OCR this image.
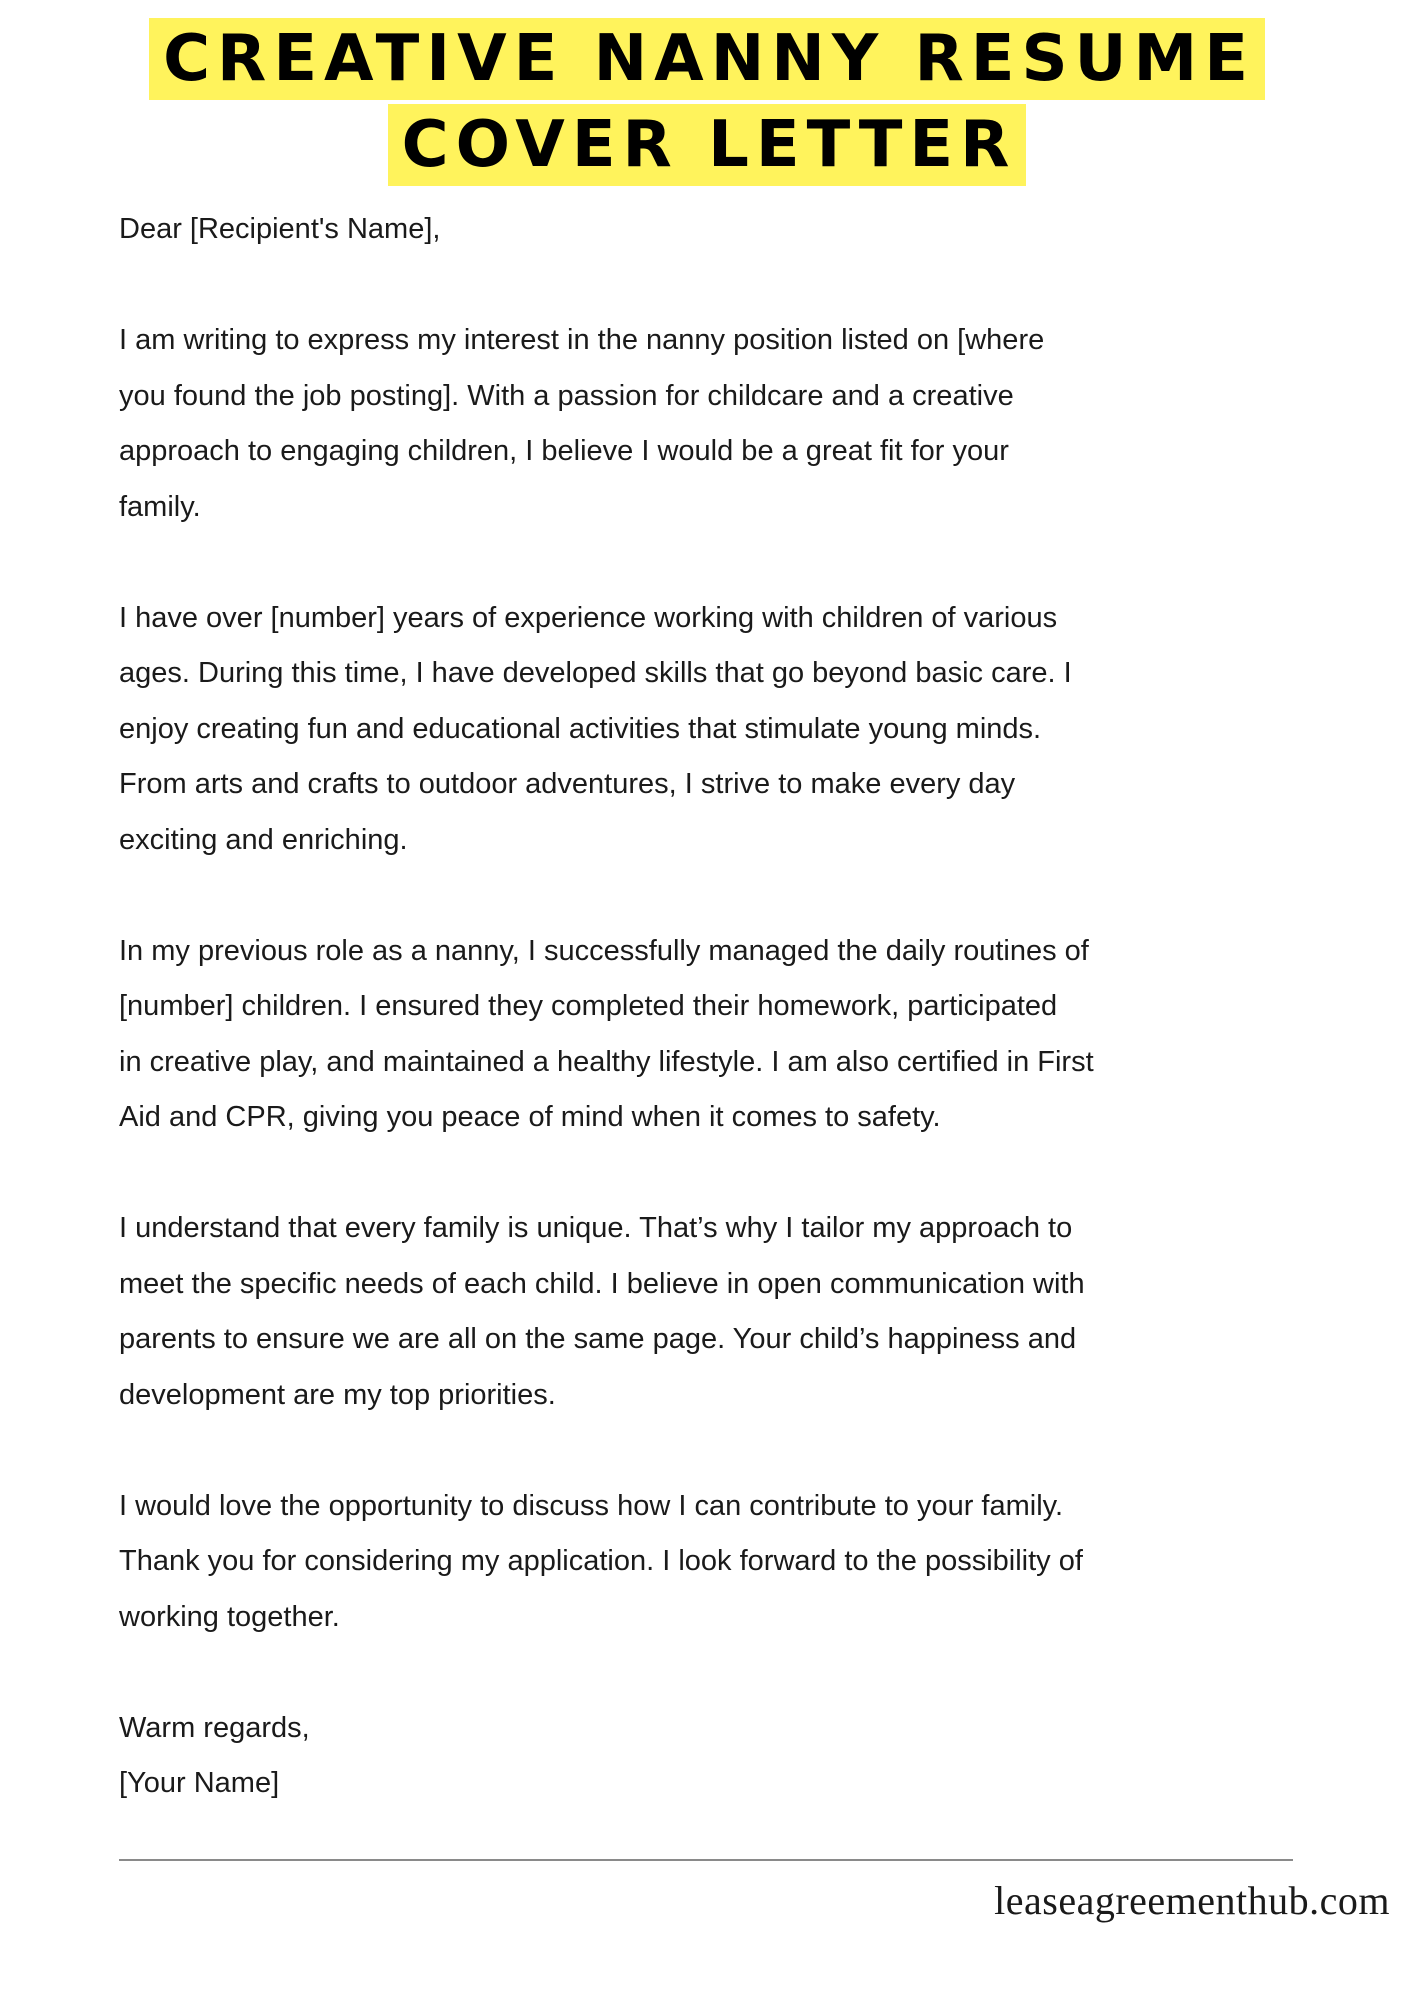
CREATIVE NANNY RESUME
COVER LETTER

Dear [Recipient's Name],

I am writing to express my interest in the nanny position listed on [where
you found the job posting]. With a passion for childcare and a creative
approach to engaging children, I believe I would be a great fit for your
family.

I have over [number] years of experience working with children of various
ages. During this time, I have developed skills that go beyond basic care. I
enjoy creating fun and educational activities that stimulate young minds.
From arts and crafts to outdoor adventures, I strive to make every day
exciting and enriching.

In my previous role as a nanny, I successfully managed the daily routines of
[number] children. I ensured they completed their homework, participated
in creative play, and maintained a healthy lifestyle. I am also certified in First
Aid and CPR, giving you peace of mind when it comes to safety.

I understand that every family is unique. That’s why I tailor my approach to
meet the specific needs of each child. I believe in open communication with
parents to ensure we are all on the same page. Your child’s happiness and
development are my top priorities.

I would love the opportunity to discuss how I can contribute to your family.
Thank you for considering my application. I look forward to the possibility of
working together.

Warm regards,
[Your Name]

leaseagreementhub.com
